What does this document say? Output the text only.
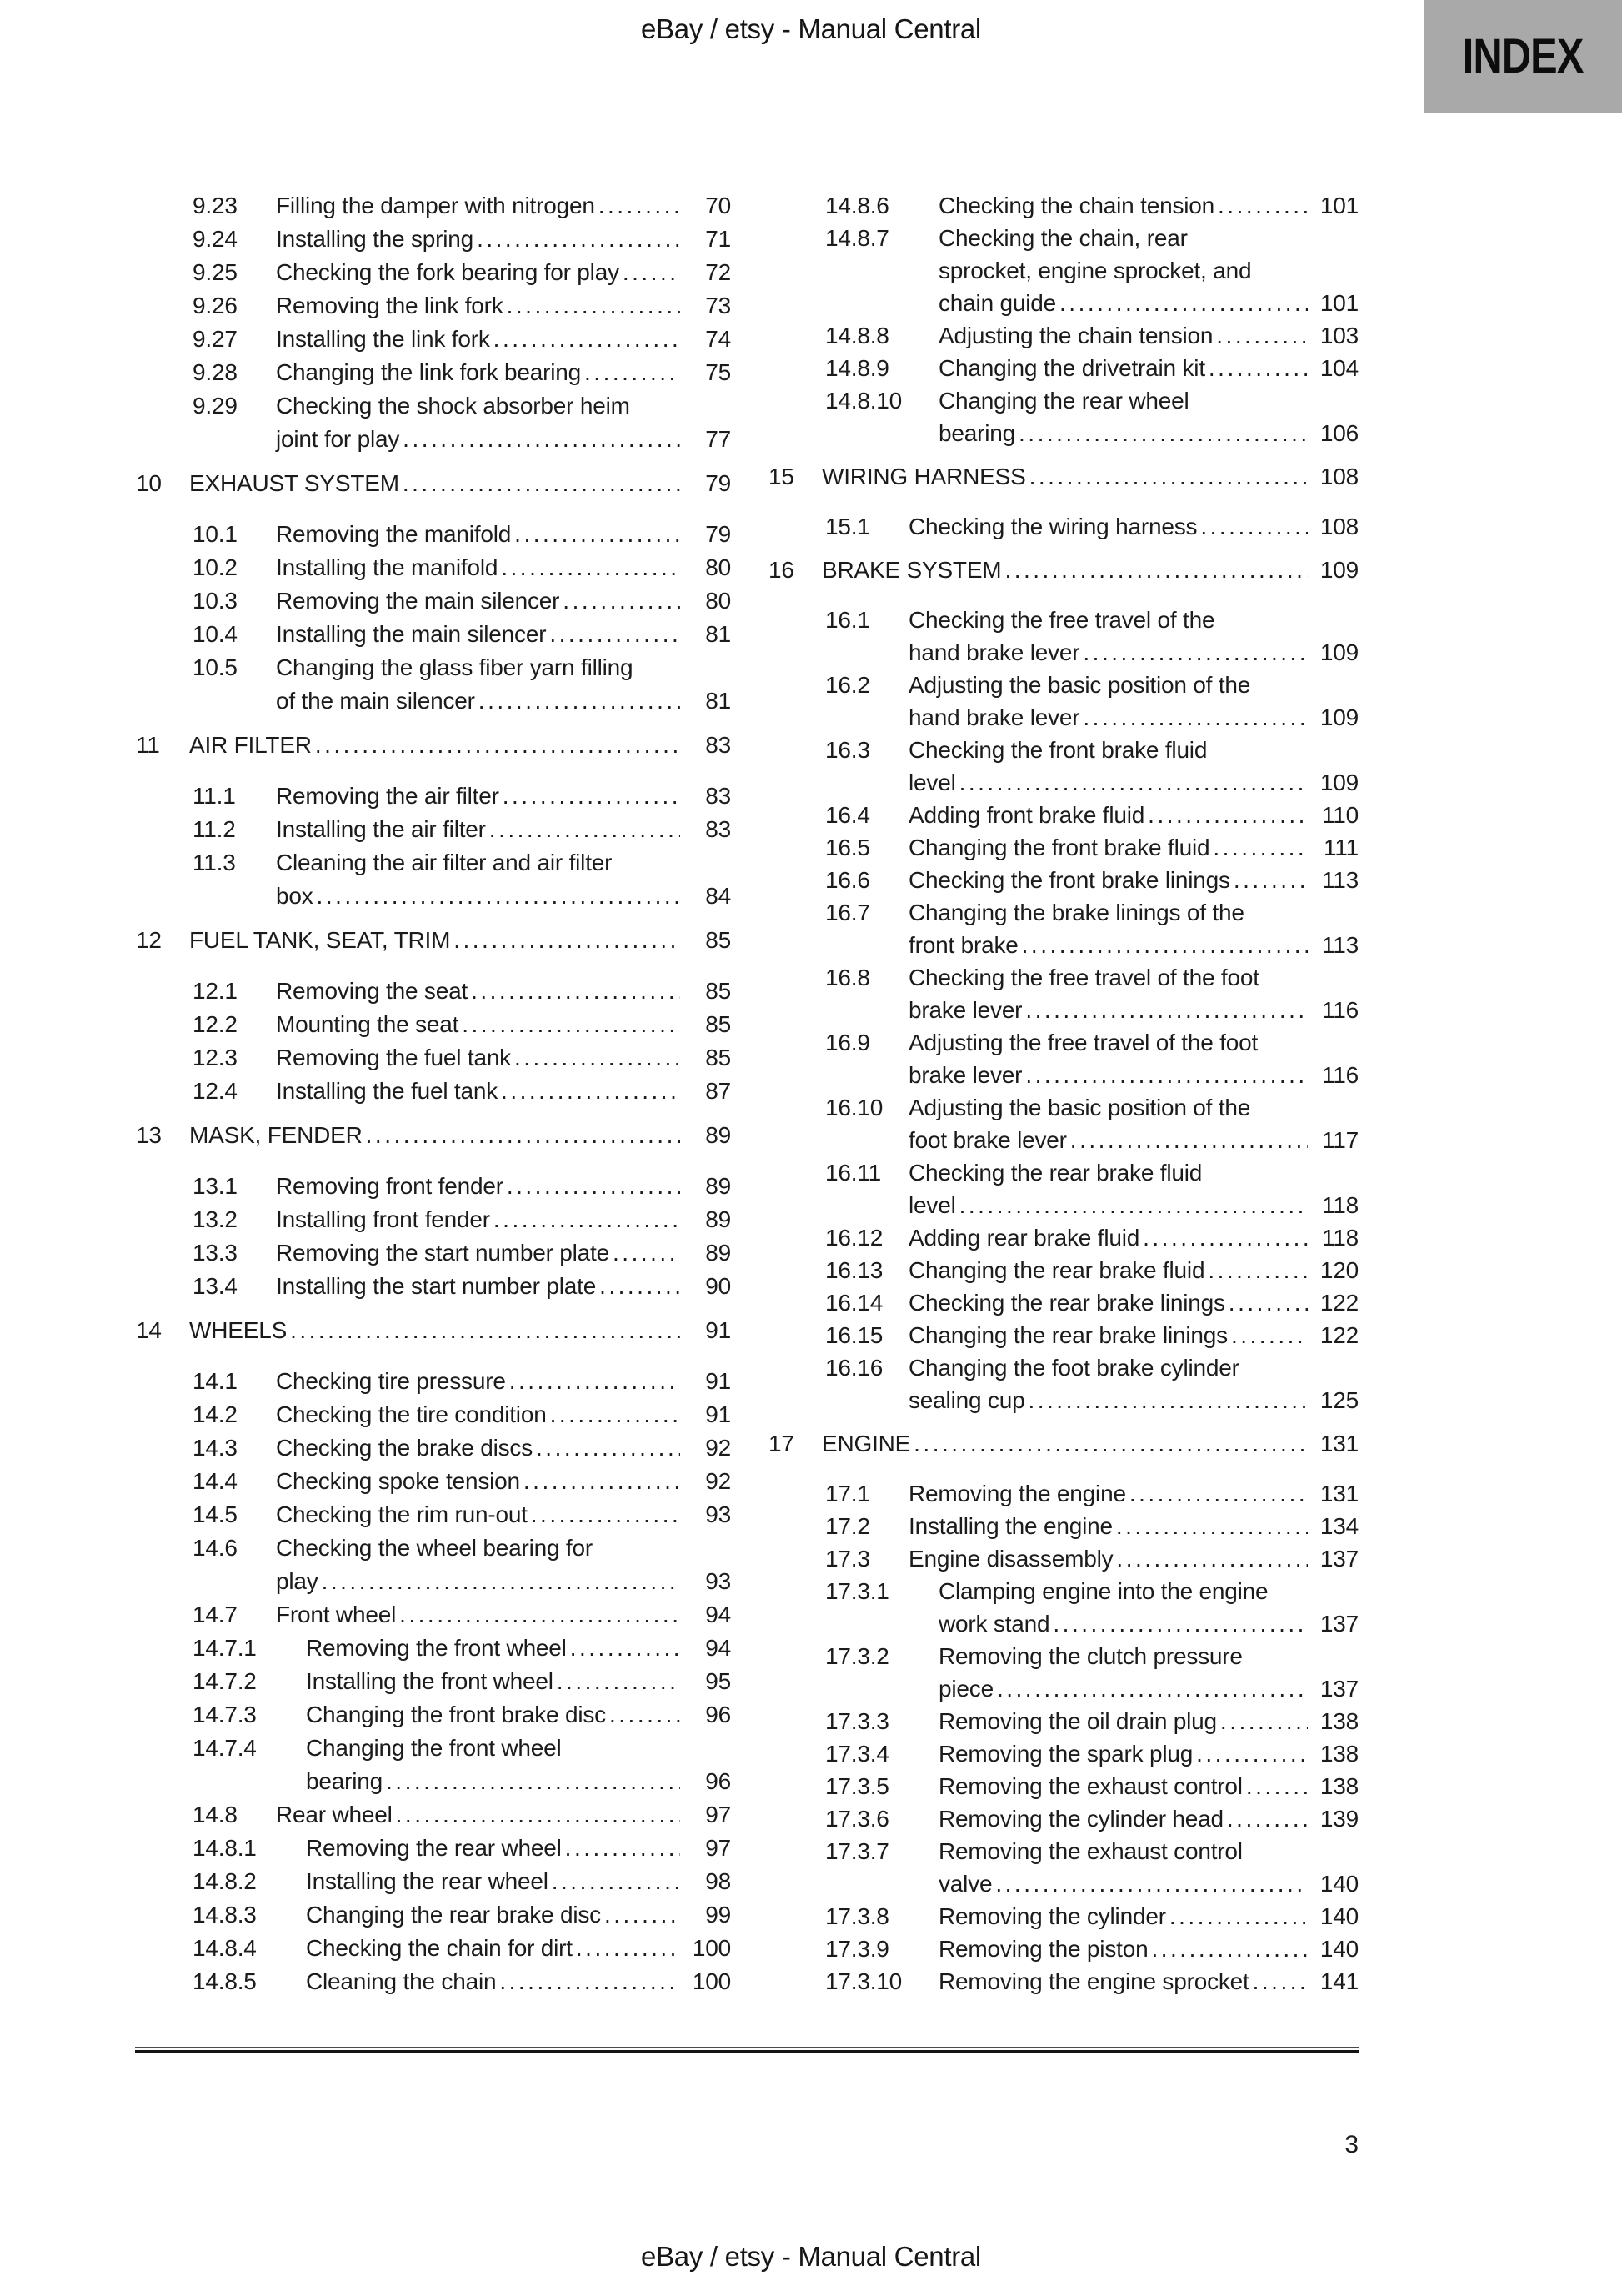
eBay / etsy - Manual Central
INDEX
9.23	Filling the damper with nitrogen .....	70
9.24	Installing the spring .....	71
9.25	Checking the fork bearing for play .....	72
9.26	Removing the link fork .....	73
9.27	Installing the link fork .....	74
9.28	Changing the link fork bearing .....	75
9.29	Checking the shock absorber heim
joint for play .....	77
10	EXHAUST SYSTEM .....	79
10.1	Removing the manifold .....	79
10.2	Installing the manifold .....	80
10.3	Removing the main silencer .....	80
10.4	Installing the main silencer .....	81
10.5	Changing the glass fiber yarn filling
of the main silencer .....	81
11	AIR FILTER .....	83
11.1	Removing the air filter .....	83
11.2	Installing the air filter .....	83
11.3	Cleaning the air filter and air filter
box .....	84
12	FUEL TANK, SEAT, TRIM .....	85
12.1	Removing the seat .....	85
12.2	Mounting the seat .....	85
12.3	Removing the fuel tank .....	85
12.4	Installing the fuel tank .....	87
13	MASK, FENDER .....	89
13.1	Removing front fender .....	89
13.2	Installing front fender .....	89
13.3	Removing the start number plate .....	89
13.4	Installing the start number plate .....	90
14	WHEELS .....	91
14.1	Checking tire pressure .....	91
14.2	Checking the tire condition .....	91
14.3	Checking the brake discs .....	92
14.4	Checking spoke tension .....	92
14.5	Checking the rim run-out .....	93
14.6	Checking the wheel bearing for
play .....	93
14.7	Front wheel .....	94
14.7.1	Removing the front wheel .....	94
14.7.2	Installing the front wheel .....	95
14.7.3	Changing the front brake disc .....	96
14.7.4	Changing the front wheel
bearing .....	96
14.8	Rear wheel .....	97
14.8.1	Removing the rear wheel .....	97
14.8.2	Installing the rear wheel .....	98
14.8.3	Changing the rear brake disc .....	99
14.8.4	Checking the chain for dirt .....	100
14.8.5	Cleaning the chain .....	100
14.8.6	Checking the chain tension .....	101
14.8.7	Checking the chain, rear
sprocket, engine sprocket, and
chain guide .....	101
14.8.8	Adjusting the chain tension .....	103
14.8.9	Changing the drivetrain kit .....	104
14.8.10	Changing the rear wheel
bearing .....	106
15	WIRING HARNESS .....	108
15.1	Checking the wiring harness .....	108
16	BRAKE SYSTEM .....	109
16.1	Checking the free travel of the
hand brake lever .....	109
16.2	Adjusting the basic position of the
hand brake lever .....	109
16.3	Checking the front brake fluid
level .....	109
16.4	Adding front brake fluid .....	110
16.5	Changing the front brake fluid .....	111
16.6	Checking the front brake linings .....	113
16.7	Changing the brake linings of the
front brake .....	113
16.8	Checking the free travel of the foot
brake lever .....	116
16.9	Adjusting the free travel of the foot
brake lever .....	116
16.10	Adjusting the basic position of the
foot brake lever .....	117
16.11	Checking the rear brake fluid
level .....	118
16.12	Adding rear brake fluid .....	118
16.13	Changing the rear brake fluid .....	120
16.14	Checking the rear brake linings .....	122
16.15	Changing the rear brake linings .....	122
16.16	Changing the foot brake cylinder
sealing cup .....	125
17	ENGINE .....	131
17.1	Removing the engine .....	131
17.2	Installing the engine .....	134
17.3	Engine disassembly .....	137
17.3.1	Clamping engine into the engine
work stand .....	137
17.3.2	Removing the clutch pressure
piece .....	137
17.3.3	Removing the oil drain plug .....	138
17.3.4	Removing the spark plug .....	138
17.3.5	Removing the exhaust control .....	138
17.3.6	Removing the cylinder head .....	139
17.3.7	Removing the exhaust control
valve .....	140
17.3.8	Removing the cylinder .....	140
17.3.9	Removing the piston .....	140
17.3.10	Removing the engine sprocket .....	141
3
eBay / etsy - Manual Central
